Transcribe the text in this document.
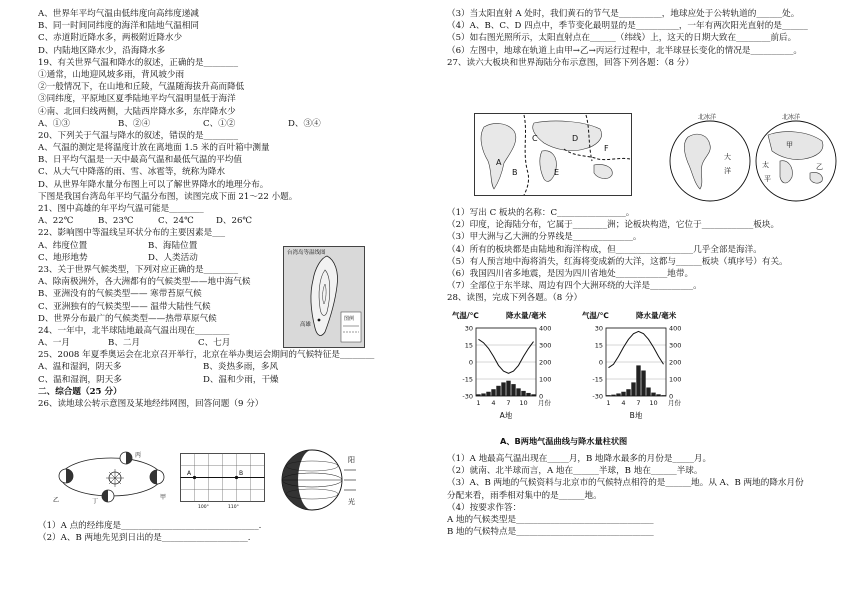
A、世界年平均气温由低纬度向高纬度递减
B、同一时间同纬度的海洋和陆地气温相同
C、赤道附近降水多，两极附近降水少
D、内陆地区降水少，沿海降水多
19、有关世界气温和降水的叙述，正确的是________
①通常，山地迎风坡多雨，背风坡少雨
②一般情况下，在山地和丘陵，气温随海拔升高而降低
③同纬度，平原地区夏季陆地平均气温明显低于海洋
④南、北回归线两侧，大陆西岸降水多，东岸降水少
A、①③	B、②④	C、①②	D、③④
20、下列关于气温与降水的叙述，错误的是________
A、气温的测定是将温度计放在离地面 1.5 米的百叶箱中测量
B、日平均气温是一天中最高气温和最低气温的平均值
C、从大气中降落的雨、雪、冰雹等，统称为降水
D、从世界年降水量分布图上可以了解世界降水的地理分布。
下图是我国台湾岛年平均气温分布图，读图完成下面 21～22 小题。
21、图中高雄的年平均气温可能是________
A、22℃	B、23℃	C、24℃	D、26℃
22、影响图中等温线呈环状分布的主要因素是___
A、纬度位置	B、海陆位置
C、地形地势	D、人类活动
23、关于世界气候类型，下列对应正确的是________
A、除南极洲外，各大洲都有的气候类型——地中海气候
B、亚洲没有的气候类型—— 寒带苔原气候
C、亚洲独有的气候类型—— 温带大陆性气候
D、世界分布最广的气候类型——热带草原气候
24、一年中，北半球陆地最高气温出现在________
A、一月	B、二月	C、七月
25、2008 年夏季奥运会在北京召开举行，北京在举办奥运会期间的气候特征是________
A、温和湿润，阴天多	B、炎热多雨，多风
C、温和湿润，阴天多	D、温和少雨，干燥
二、综合题（25 分）
26、读地球公转示意图及某地经纬网图，回答问题（9 分）
高雄
图例
台湾岛等温线图
乙	甲
丙
丁
A	B
100°	110°
阳
光
（1）A 点的经纬度是________________________________.
（2）A、B 两地先见到日出的是____________________.
（3）当太阳直射 A 处时，我们黄石的节气是__________，地球应处于公转轨道的______处。
（4）A、B、C、D 四点中，季节变化最明显的是__________，一年有两次阳光直射的是______
（5）如右图光照所示，太阳直射点在______（纬线）上，这天的日期大致在________前后。
（6）左图中，地球在轨道上由甲→乙→丙运行过程中，北半球昼长变化的情况是__________。
27、读六大板块和世界海陆分布示意图，回答下列各题：（8 分）
A
B
C	D
E
F
北冰洋
大
洋
北冰洋
甲
太
平
乙
（1）写出 C 板块的名称：C________________。
（2）印度，论海陆分布，它属于________洲；论板块构造，它位于____________板块。
（3）甲大洲与乙大洲的分界线是______________。
（4）所有的板块都是由陆地和海洋构成，但__________________几乎全部是海洋。
（5）有人预言地中海将消失，红海将变成新的大洋，这都与______板块（填序号）有关。
（6）我国四川省多地震，是因为四川省地处____________地带。
（7）全部位于东半球、周边有四个大洲环绕的大洋是__________。
28、读图，完成下列各题。（8 分）
气温/℃	降水量/毫米
30
15
0
-15
-30
400
300
200
100
0
1 4 7 10 月份
A地
气温/℃	降水量/毫米
30
15
0
-15
-30
400
300
200
100
0
1 4 7 10 月份
B地
A、B两地气温曲线与降水量柱状图
（1）A 地最高气温出现在_____月，B 地降水最多的月份是_____月。
（2）就南、北半球而言，A 地在______半球，B 地在______半球。
（3）A、B 两地的气候资料与北京市的气候特点相符的是______地。从 A、B 两地的降水月份
分配来看，雨季相对集中的是______地。
（4）按要求作答：
A 地的气候类型是________________________________
B 地的气候特点是________________________________
